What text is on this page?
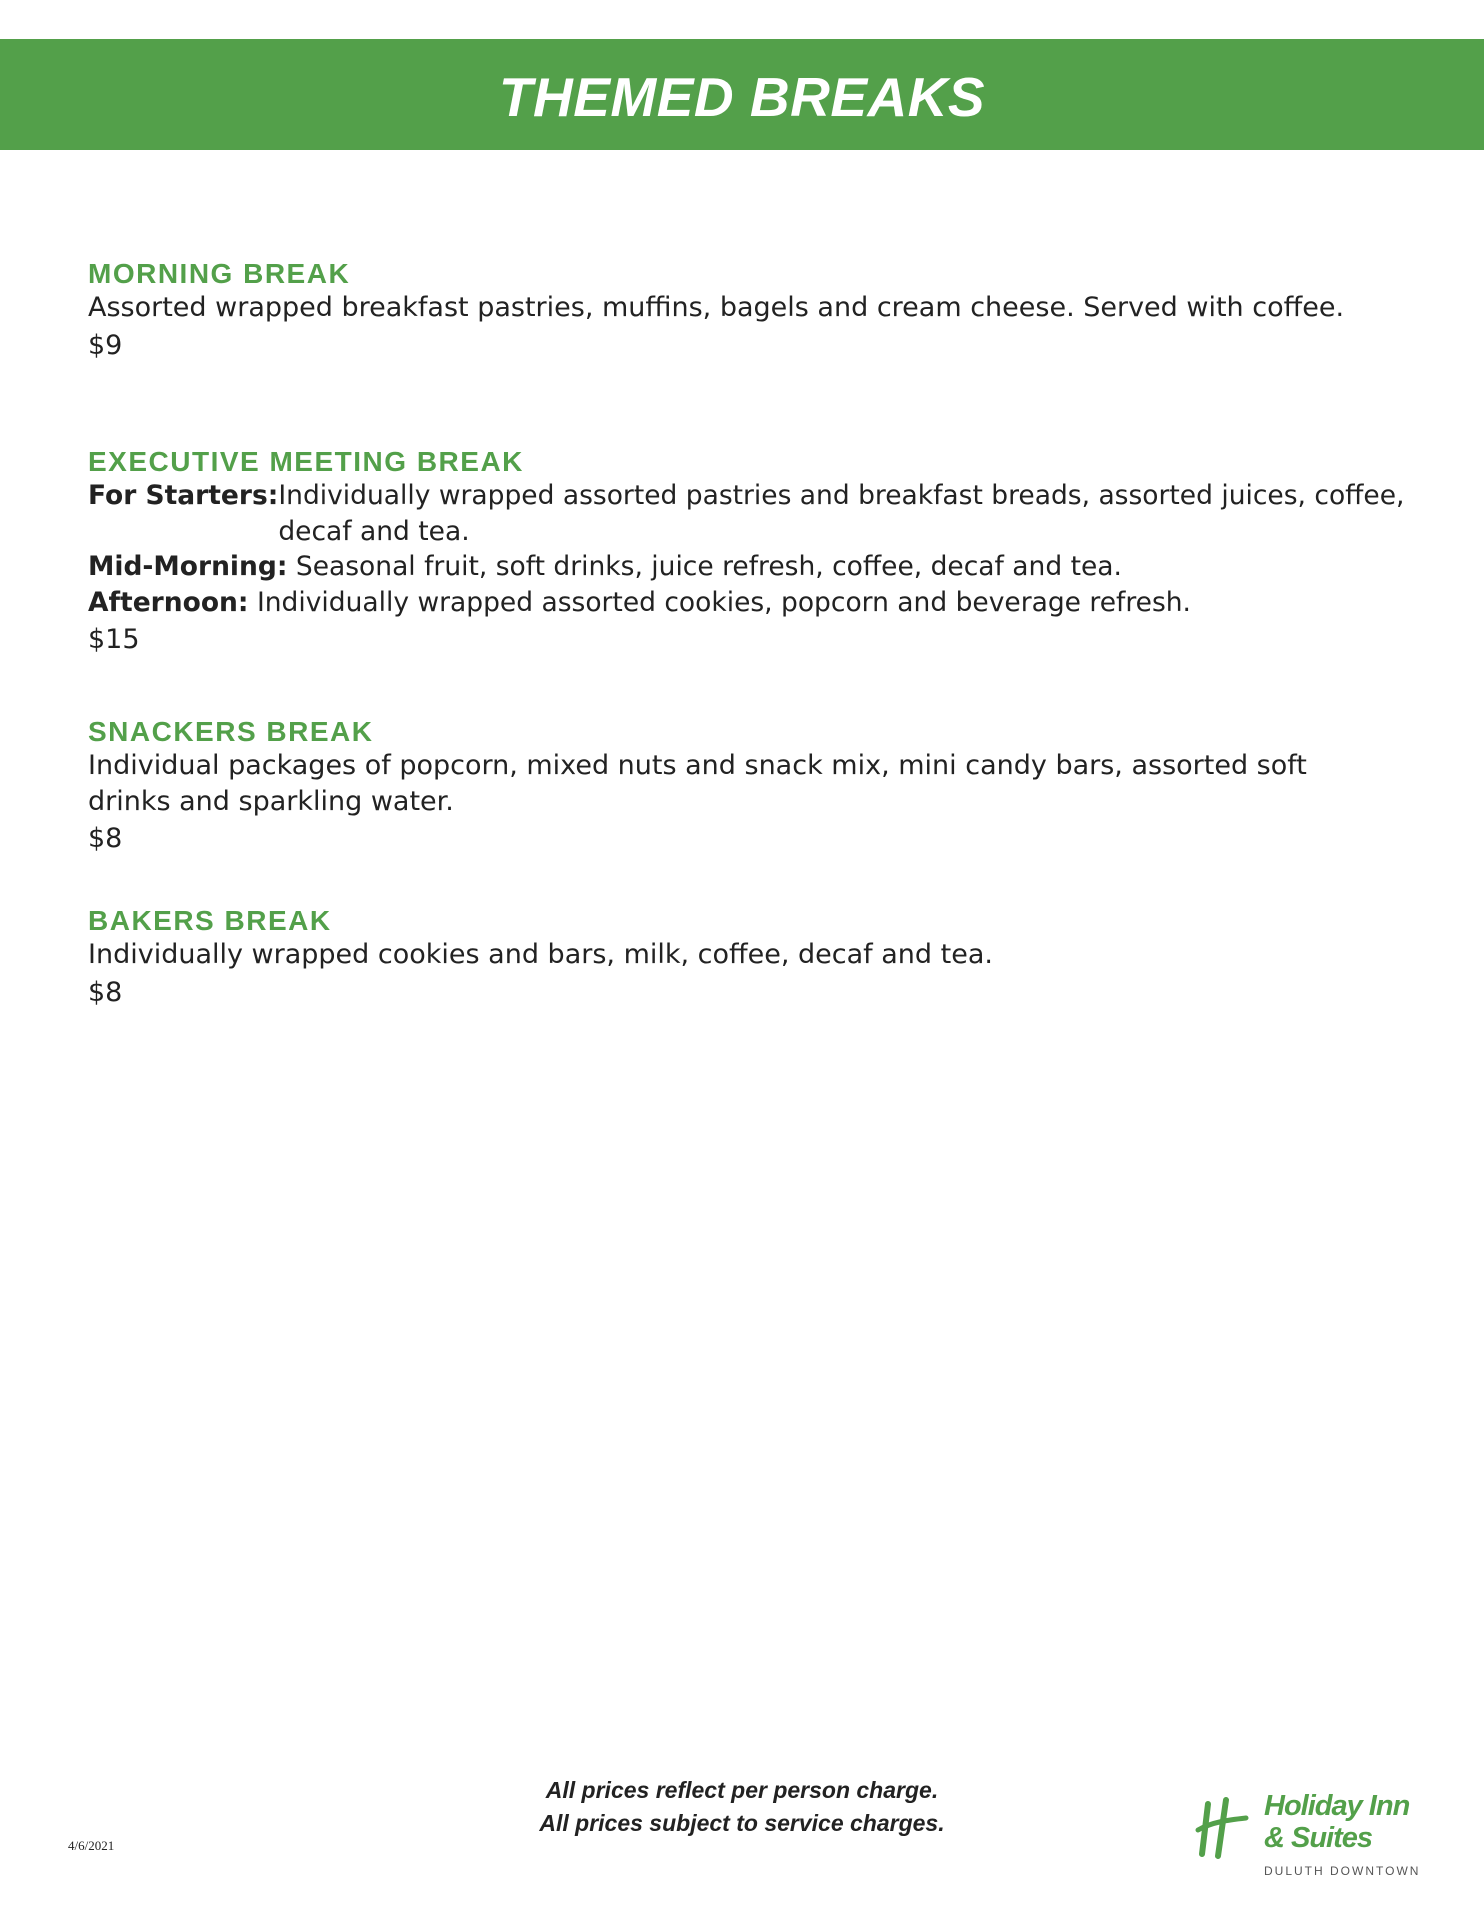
THEMED BREAKS
MORNING BREAK
Assorted wrapped breakfast pastries, muffins, bagels and cream cheese. Served with coffee.
$9
EXECUTIVE MEETING BREAK
For Starters: Individually wrapped assorted pastries and breakfast breads, assorted juices, coffee, decaf and tea.
Mid-Morning: Seasonal fruit, soft drinks, juice refresh, coffee, decaf and tea.
Afternoon: Individually wrapped assorted cookies, popcorn and beverage refresh.
$15
SNACKERS BREAK
Individual packages of popcorn, mixed nuts and snack mix, mini candy bars, assorted soft drinks and sparkling water.
$8
BAKERS BREAK
Individually wrapped cookies and bars, milk, coffee, decaf and tea.
$8
All prices reflect per person charge.
All prices subject to service charges.
4/6/2021
Holiday Inn
& Suites
DULUTH DOWNTOWN
